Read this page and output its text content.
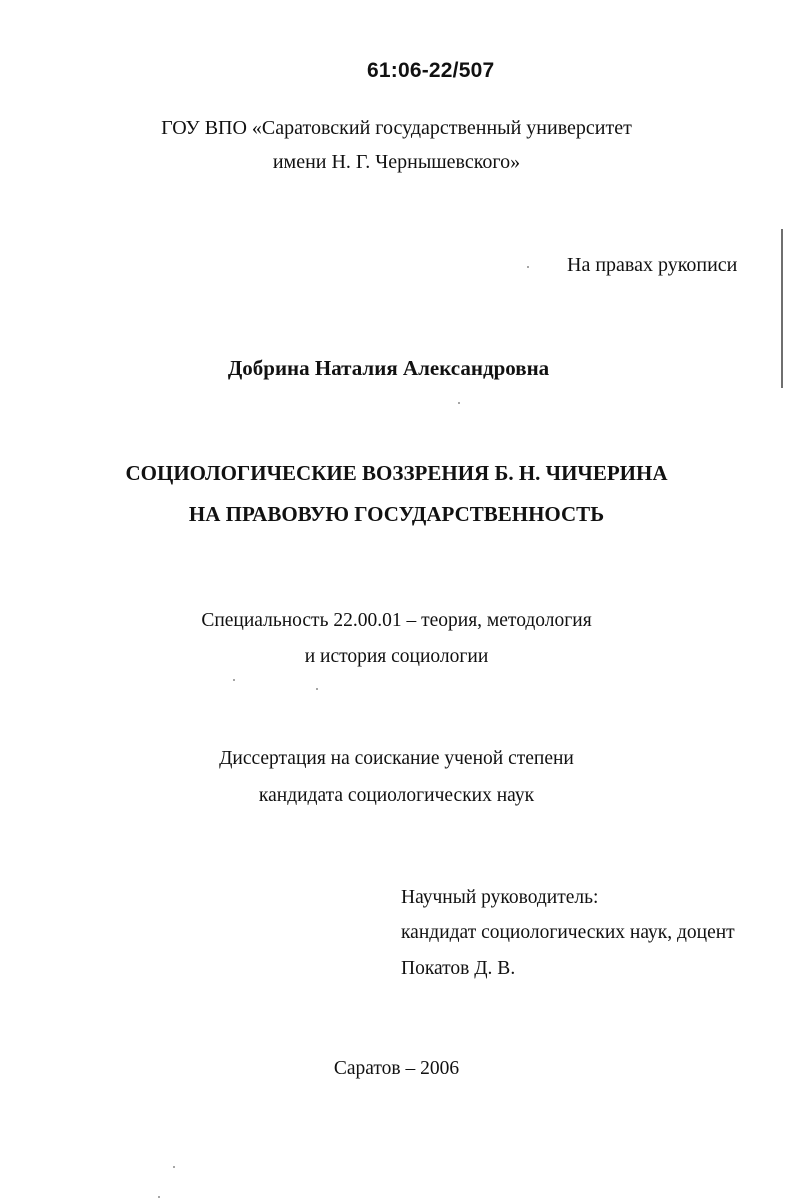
61:06-22/507
ГОУ ВПО «Саратовский государственный университет
имени Н. Г. Чернышевского»
На правах рукописи
Добрина Наталия Александровна
СОЦИОЛОГИЧЕСКИЕ ВОЗЗРЕНИЯ Б. Н. ЧИЧЕРИНА
НА ПРАВОВУЮ ГОСУДАРСТВЕННОСТЬ
Специальность 22.00.01 – теория, методология
и история социологии
Диссертация на соискание ученой степени
кандидата социологических наук
Научный руководитель:
кандидат социологических наук, доцент
Покатов Д. В.
Саратов – 2006
